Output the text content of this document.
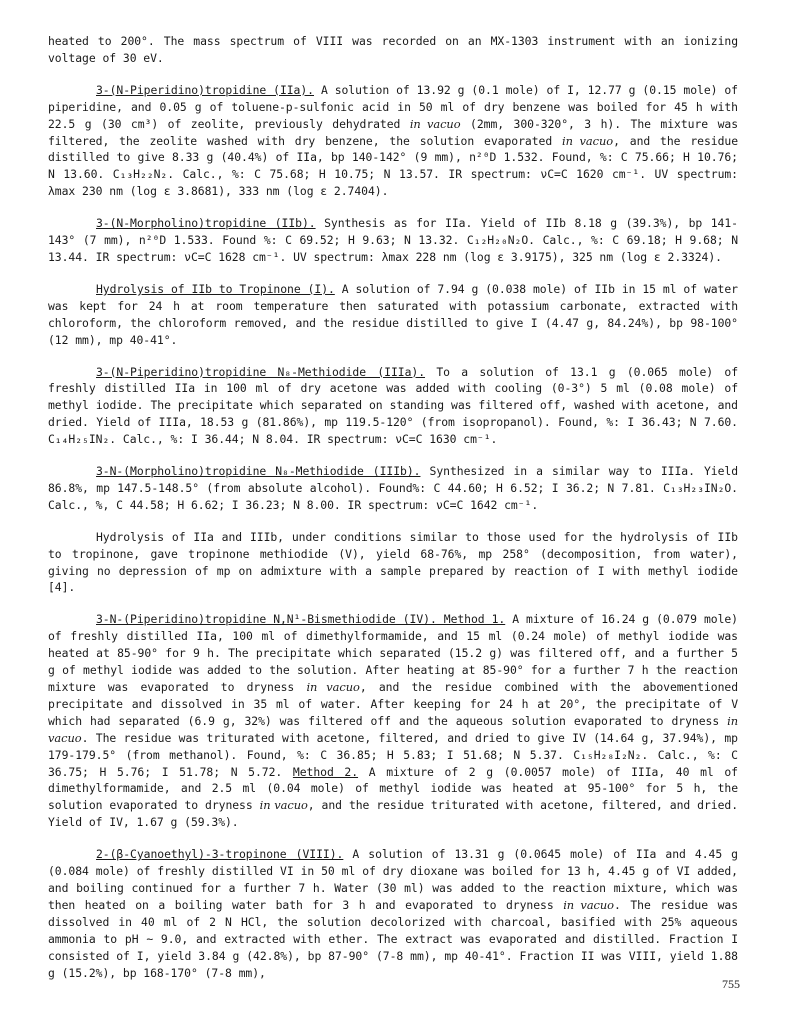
heated to 200°. The mass spectrum of VIII was recorded on an MX-1303 instrument with an ionizing voltage of 30 eV.

3-(N-Piperidino)tropidine (IIa). A solution of 13.92 g (0.1 mole) of I, 12.77 g (0.15 mole) of piperidine, and 0.05 g of toluene-p-sulfonic acid in 50 ml of dry benzene was boiled for 45 h with 22.5 g (30 cm³) of zeolite, previously dehydrated in vacuo (2mm, 300-320°, 3 h). The mixture was filtered, the zeolite washed with dry benzene, the solution evaporated in vacuo, and the residue distilled to give 8.33 g (40.4%) of IIa, bp 140-142° (9 mm), n²⁰D 1.532. Found, %: C 75.66; H 10.76; N 13.60. C₁₃H₂₂N₂. Calc., %: C 75.68; H 10.75; N 13.57. IR spectrum: νC=C 1620 cm⁻¹. UV spectrum: λmax 230 nm (log ε 3.8681), 333 nm (log ε 2.7404).

3-(N-Morpholino)tropidine (IIb). Synthesis as for IIa. Yield of IIb 8.18 g (39.3%), bp 141-143° (7 mm), n²⁰D 1.533. Found %: C 69.52; H 9.63; N 13.32. C₁₂H₂₀N₂O. Calc., %: C 69.18; H 9.68; N 13.44. IR spectrum: νC=C 1628 cm⁻¹. UV spectrum: λmax 228 nm (log ε 3.9175), 325 nm (log ε 2.3324).

Hydrolysis of IIb to Tropinone (I). A solution of 7.94 g (0.038 mole) of IIb in 15 ml of water was kept for 24 h at room temperature then saturated with potassium carbonate, extracted with chloroform, the chloroform removed, and the residue distilled to give I (4.47 g, 84.24%), bp 98-100° (12 mm), mp 40-41°.

3-(N-Piperidino)tropidine N₈-Methiodide (IIIa). To a solution of 13.1 g (0.065 mole) of freshly distilled IIa in 100 ml of dry acetone was added with cooling (0-3°) 5 ml (0.08 mole) of methyl iodide. The precipitate which separated on standing was filtered off, washed with acetone, and dried. Yield of IIIa, 18.53 g (81.86%), mp 119.5-120° (from isopropanol). Found, %: I 36.43; N 7.60. C₁₄H₂₅IN₂. Calc., %: I 36.44; N 8.04. IR spectrum: νC=C 1630 cm⁻¹.

3-N-(Morpholino)tropidine N₈-Methiodide (IIIb). Synthesized in a similar way to IIIa. Yield 86.8%, mp 147.5-148.5° (from absolute alcohol). Found%: C 44.60; H 6.52; I 36.2; N 7.81. C₁₃H₂₃IN₂O. Calc., %, C 44.58; H 6.62; I 36.23; N 8.00. IR spectrum: νC=C 1642 cm⁻¹.

Hydrolysis of IIa and IIIb, under conditions similar to those used for the hydrolysis of IIb to tropinone, gave tropinone methiodide (V), yield 68-76%, mp 258° (decomposition, from water), giving no depression of mp on admixture with a sample prepared by reaction of I with methyl iodide [4].

3-N-(Piperidino)tropidine N,N¹-Bismethiodide (IV). Method 1. A mixture of 16.24 g (0.079 mole) of freshly distilled IIa, 100 ml of dimethylformamide, and 15 ml (0.24 mole) of methyl iodide was heated at 85-90° for 9 h. The precipitate which separated (15.2 g) was filtered off, and a further 5 g of methyl iodide was added to the solution. After heating at 85-90° for a further 7 h the reaction mixture was evaporated to dryness in vacuo, and the residue combined with the abovementioned precipitate and dissolved in 35 ml of water. After keeping for 24 h at 20°, the precipitate of V which had separated (6.9 g, 32%) was filtered off and the aqueous solution evaporated to dryness in vacuo. The residue was triturated with acetone, filtered, and dried to give IV (14.64 g, 37.94%), mp 179-179.5° (from methanol). Found, %: C 36.85; H 5.83; I 51.68; N 5.37. C₁₅H₂₈I₂N₂. Calc., %: C 36.75; H 5.76; I 51.78; N 5.72. Method 2. A mixture of 2 g (0.0057 mole) of IIIa, 40 ml of dimethylformamide, and 2.5 ml (0.04 mole) of methyl iodide was heated at 95-100° for 5 h, the solution evaporated to dryness in vacuo, and the residue triturated with acetone, filtered, and dried. Yield of IV, 1.67 g (59.3%).

2-(β-Cyanoethyl)-3-tropinone (VIII). A solution of 13.31 g (0.0645 mole) of IIa and 4.45 g (0.084 mole) of freshly distilled VI in 50 ml of dry dioxane was boiled for 13 h, 4.45 g of VI added, and boiling continued for a further 7 h. Water (30 ml) was added to the reaction mixture, which was then heated on a boiling water bath for 3 h and evaporated to dryness in vacuo. The residue was dissolved in 40 ml of 2 N HCl, the solution decolorized with charcoal, basified with 25% aqueous ammonia to pH ~ 9.0, and extracted with ether. The extract was evaporated and distilled. Fraction I consisted of I, yield 3.84 g (42.8%), bp 87-90° (7-8 mm), mp 40-41°. Fraction II was VIII, yield 1.88 g (15.2%), bp 168-170° (7-8 mm),

755
